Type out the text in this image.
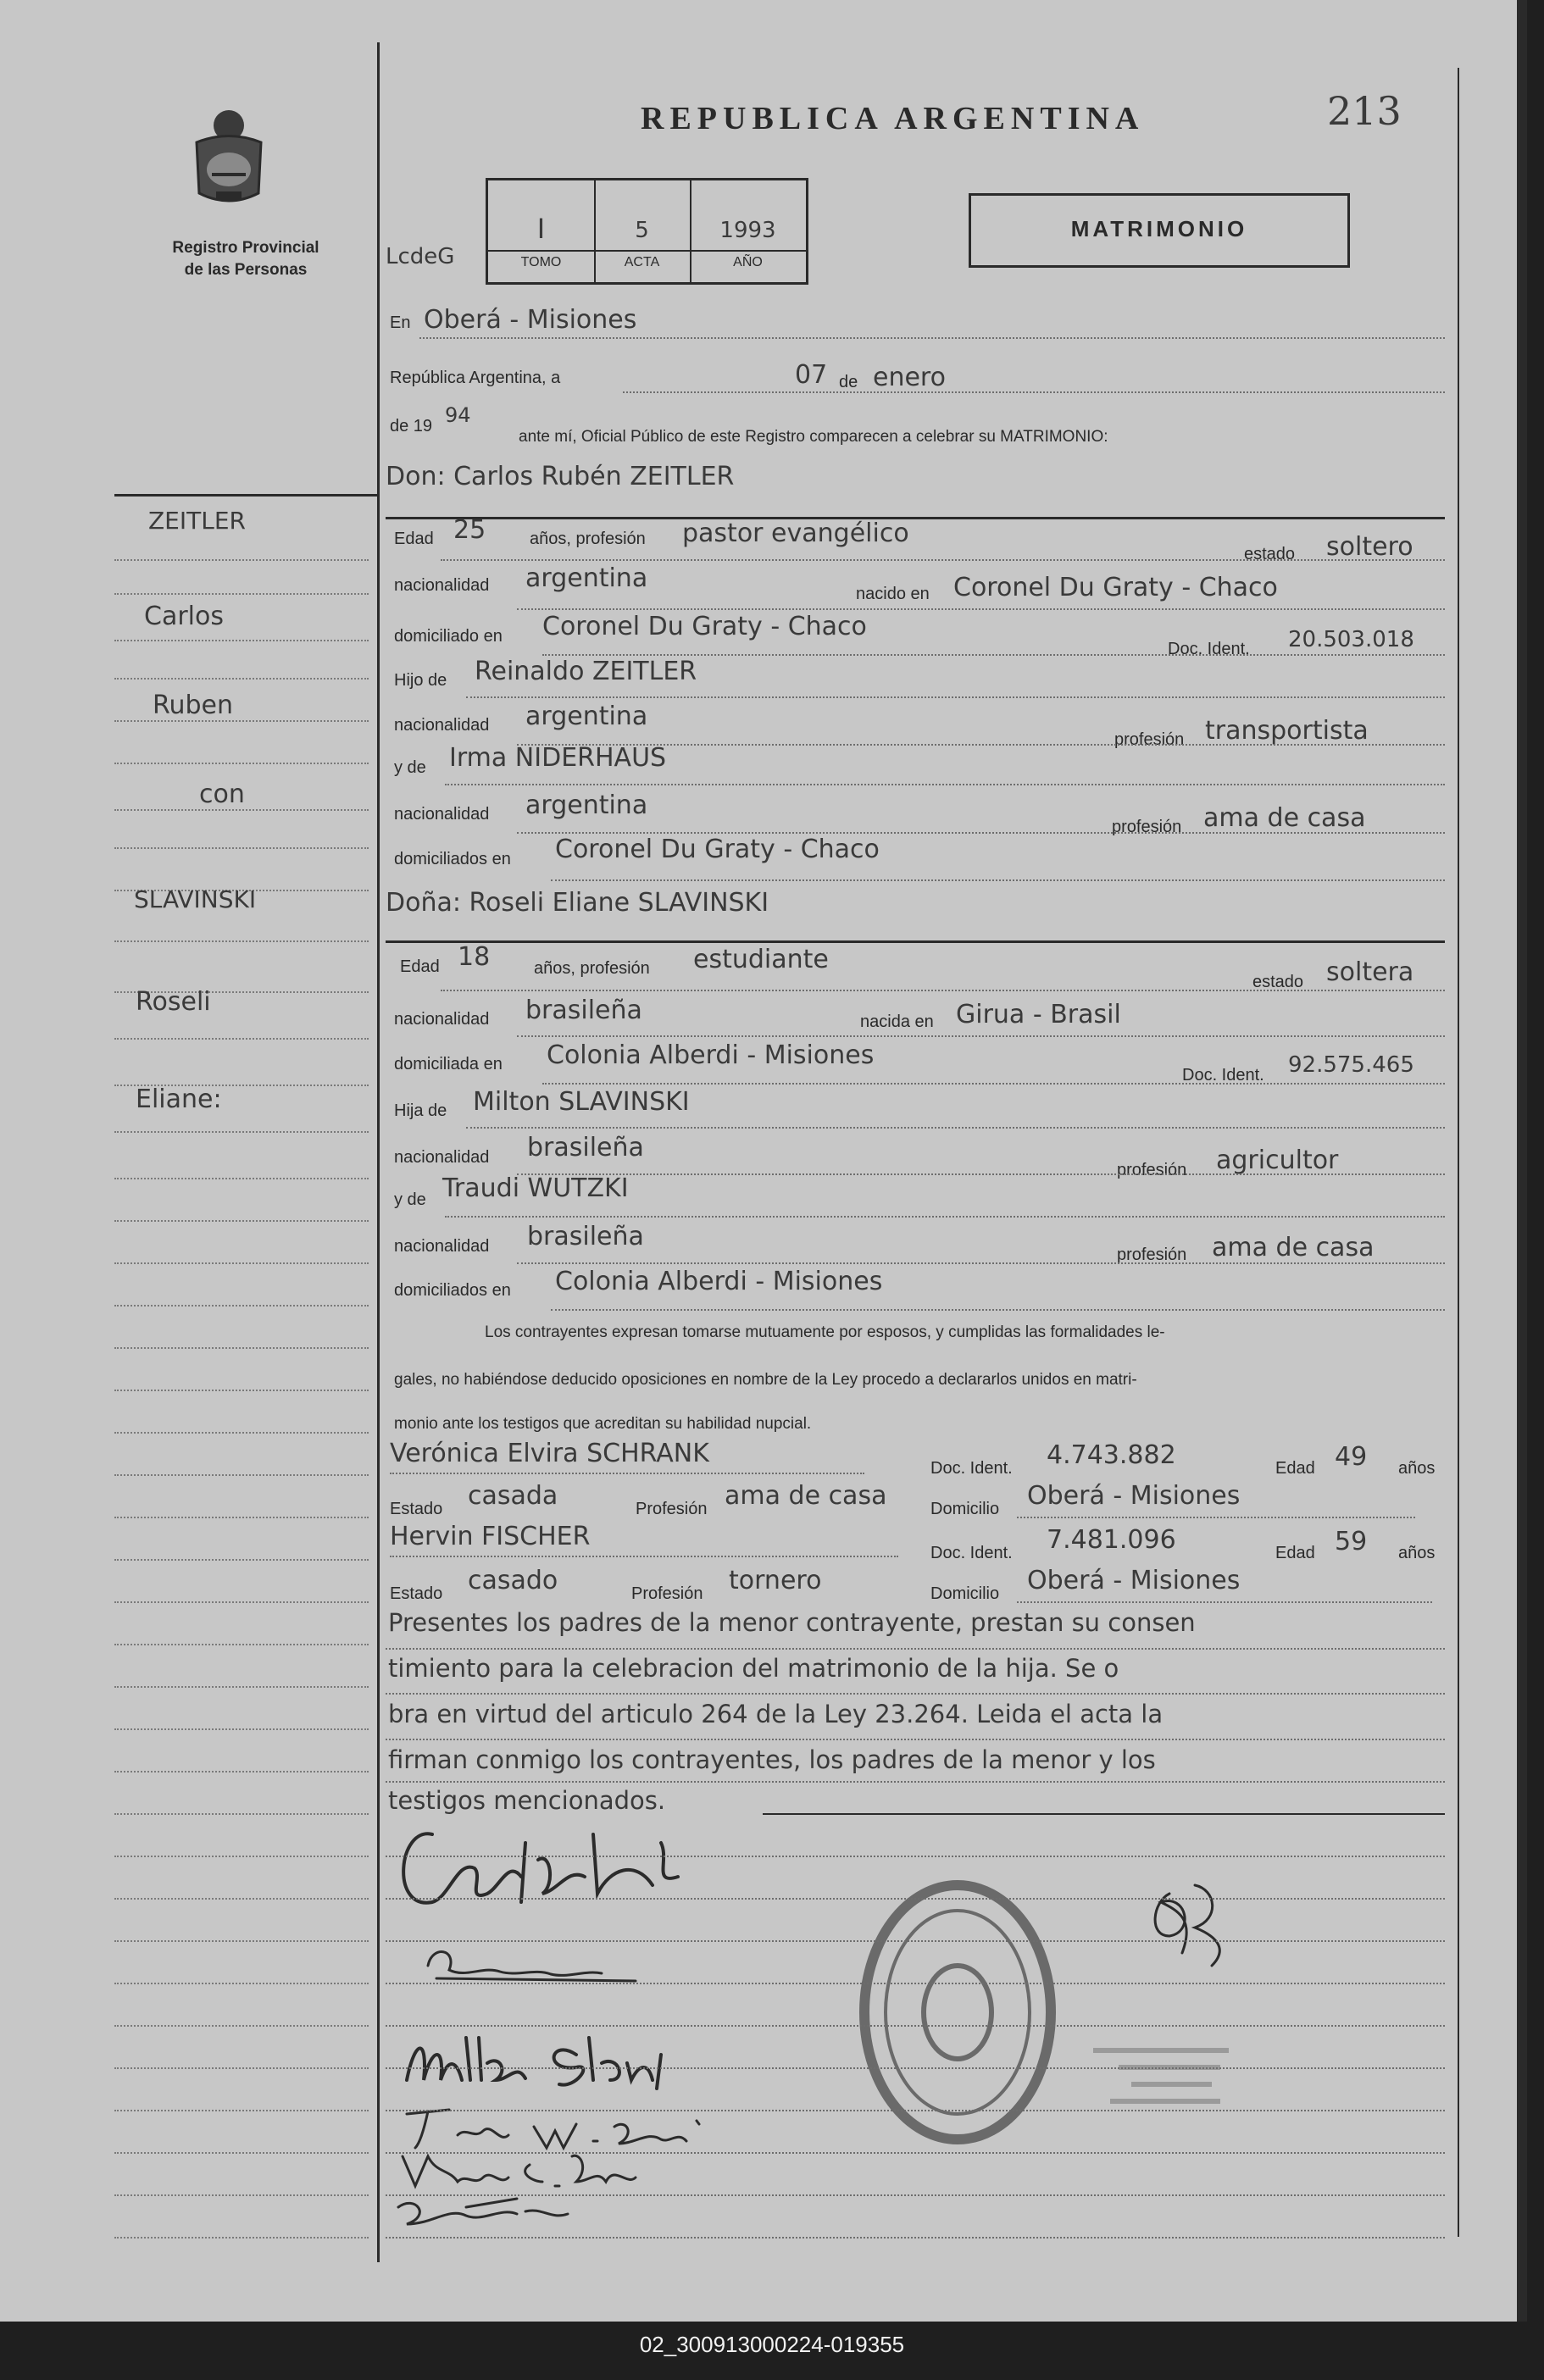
Registro Provincial
de las Personas
REPUBLICA ARGENTINA	213
LcdeG
I	5	1993
TOMO	ACTA	AÑO
MATRIMONIO
ZEITLER
Carlos
Ruben
con
SLAVINSKI
Roseli
Eliane:
En Oberá - Misiones
República Argentina, a	07 de enero
de 19 94
ante mí, Oficial Público de este Registro comparecen a celebrar su MATRIMONIO:
Don: Carlos Rubén ZEITLER
Edad 25	años, profesión pastor evangélico
estado soltero
nacionalidad argentina
nacido en Coronel Du Graty - Chaco
domiciliado en Coronel Du Graty - Chaco
Doc. Ident. 20.503.018
Hijo de Reinaldo ZEITLER
nacionalidad argentina
profesión transportista
y de Irma NIDERHAUS
nacionalidad argentina
profesión ama de casa
domiciliados en Coronel Du Graty - Chaco
Doña: Roseli Eliane SLAVINSKI
Edad 18	años, profesión estudiante
estado soltera
nacionalidad brasileña	nacida en Girua - Brasil
domiciliada en Colonia Alberdi - Misiones
Doc. Ident. 92.575.465
Hija de Milton SLAVINSKI
nacionalidad brasileña
profesión agricultor
y de Traudi WUTZKI
nacionalidad brasileña
profesión ama de casa
domiciliados en Colonia Alberdi - Misiones
Los contrayentes expresan tomarse mutuamente por esposos, y cumplidas las formalidades le-
gales, no habiéndose deducido oposiciones en nombre de la Ley procedo a declararlos unidos en matri-
monio ante los testigos que acreditan su habilidad nupcial.
Verónica Elvira SCHRANK	Doc. Ident. 4.743.882	Edad 49 años
Estado casada	Profesión ama de casa	Domicilio Oberá - Misiones
Hervin FISCHER
Doc. Ident. 7.481.096	Edad 59 años
Estado casado	Profesión tornero	Domicilio Oberá - Misiones
Presentes los padres de la menor contrayente, prestan su consen
timiento para la celebracion del matrimonio de la hija. Se o
bra en virtud del articulo 264 de la Ley 23.264. Leida el acta la
firman conmigo los contrayentes, los padres de la menor y los
testigos mencionados.
02_300913000224-019355
